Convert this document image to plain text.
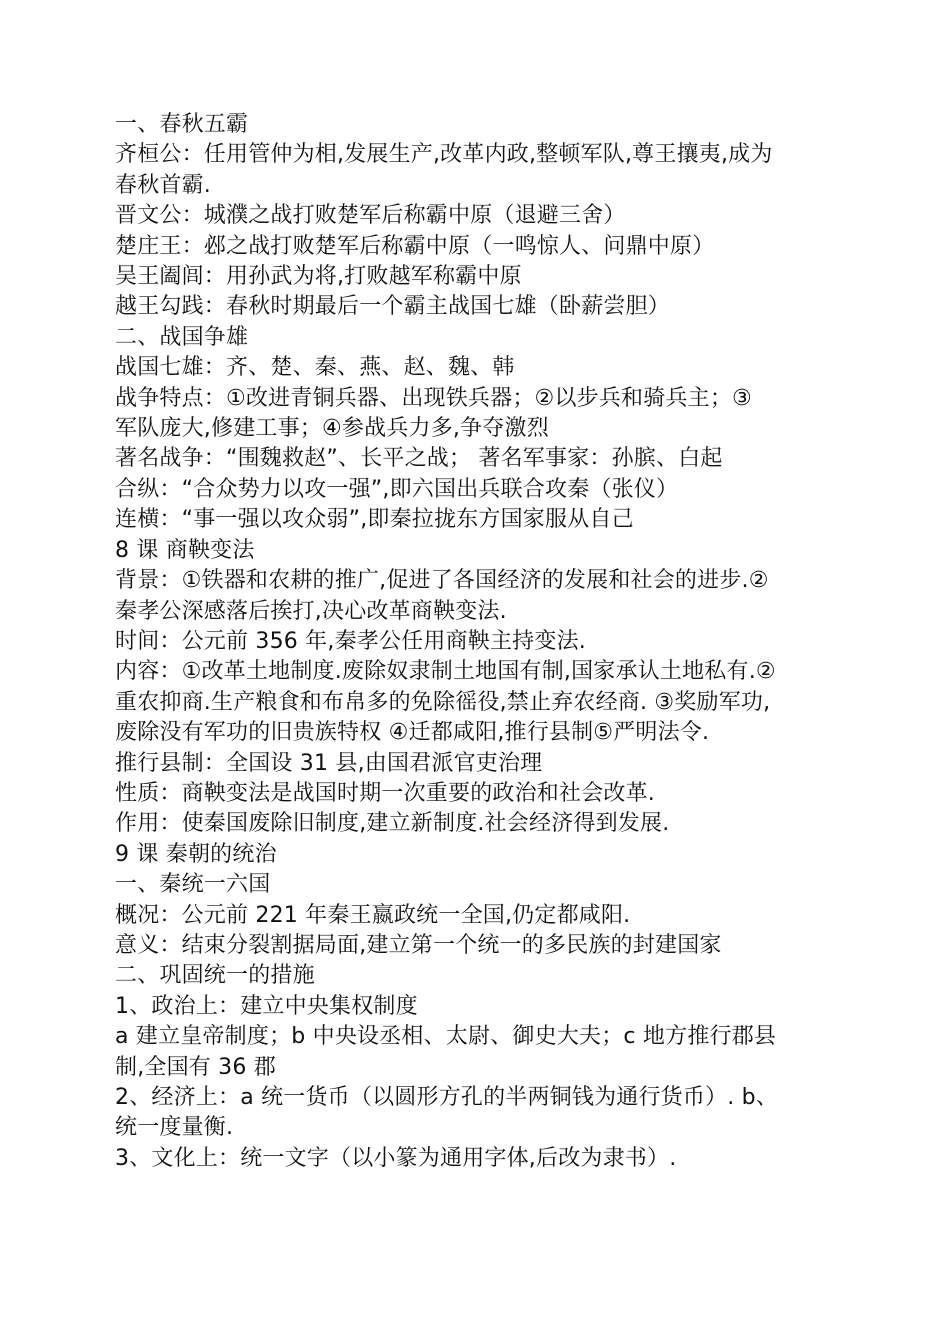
一、春秋五霸
齐桓公：任用管仲为相,发展生产,改革内政,整顿军队,尊王攘夷,成为
春秋首霸.
晋文公：城濮之战打败楚军后称霸中原（退避三舍）
楚庄王：邲之战打败楚军后称霸中原（一鸣惊人、问鼎中原）
吴王阖闾：用孙武为将,打败越军称霸中原
越王勾践：春秋时期最后一个霸主战国七雄（卧薪尝胆）
二、战国争雄
战国七雄：齐、楚、秦、燕、赵、魏、韩
战争特点：①改进青铜兵器、出现铁兵器；②以步兵和骑兵主；③
军队庞大,修建工事；④参战兵力多,争夺激烈
著名战争：“围魏救赵”、长平之战； 著名军事家：孙膑、白起
合纵：“合众势力以攻一强”,即六国出兵联合攻秦（张仪）
连横：“事一强以攻众弱”,即秦拉拢东方国家服从自己
8 课 商鞅变法
背景：①铁器和农耕的推广,促进了各国经济的发展和社会的进步.②
秦孝公深感落后挨打,决心改革商鞅变法.
时间：公元前 356 年,秦孝公任用商鞅主持变法.
内容：①改革土地制度.废除奴隶制土地国有制,国家承认土地私有.②
重农抑商.生产粮食和布帛多的免除徭役,禁止弃农经商. ③奖励军功,
废除没有军功的旧贵族特权 ④迁都咸阳,推行县制⑤严明法令.
推行县制：全国设 31 县,由国君派官吏治理
性质：商鞅变法是战国时期一次重要的政治和社会改革.
作用：使秦国废除旧制度,建立新制度.社会经济得到发展.
9 课 秦朝的统治
一、秦统一六国
概况：公元前 221 年秦王嬴政统一全国,仍定都咸阳.
意义：结束分裂割据局面,建立第一个统一的多民族的封建国家
二、巩固统一的措施
1、政治上：建立中央集权制度
a 建立皇帝制度；b 中央设丞相、太尉、御史大夫；c 地方推行郡县
制,全国有 36 郡
2、经济上：a 统一货币（以圆形方孔的半两铜钱为通行货币）. b、
统一度量衡.
3、文化上：统一文字（以小篆为通用字体,后改为隶书）.
